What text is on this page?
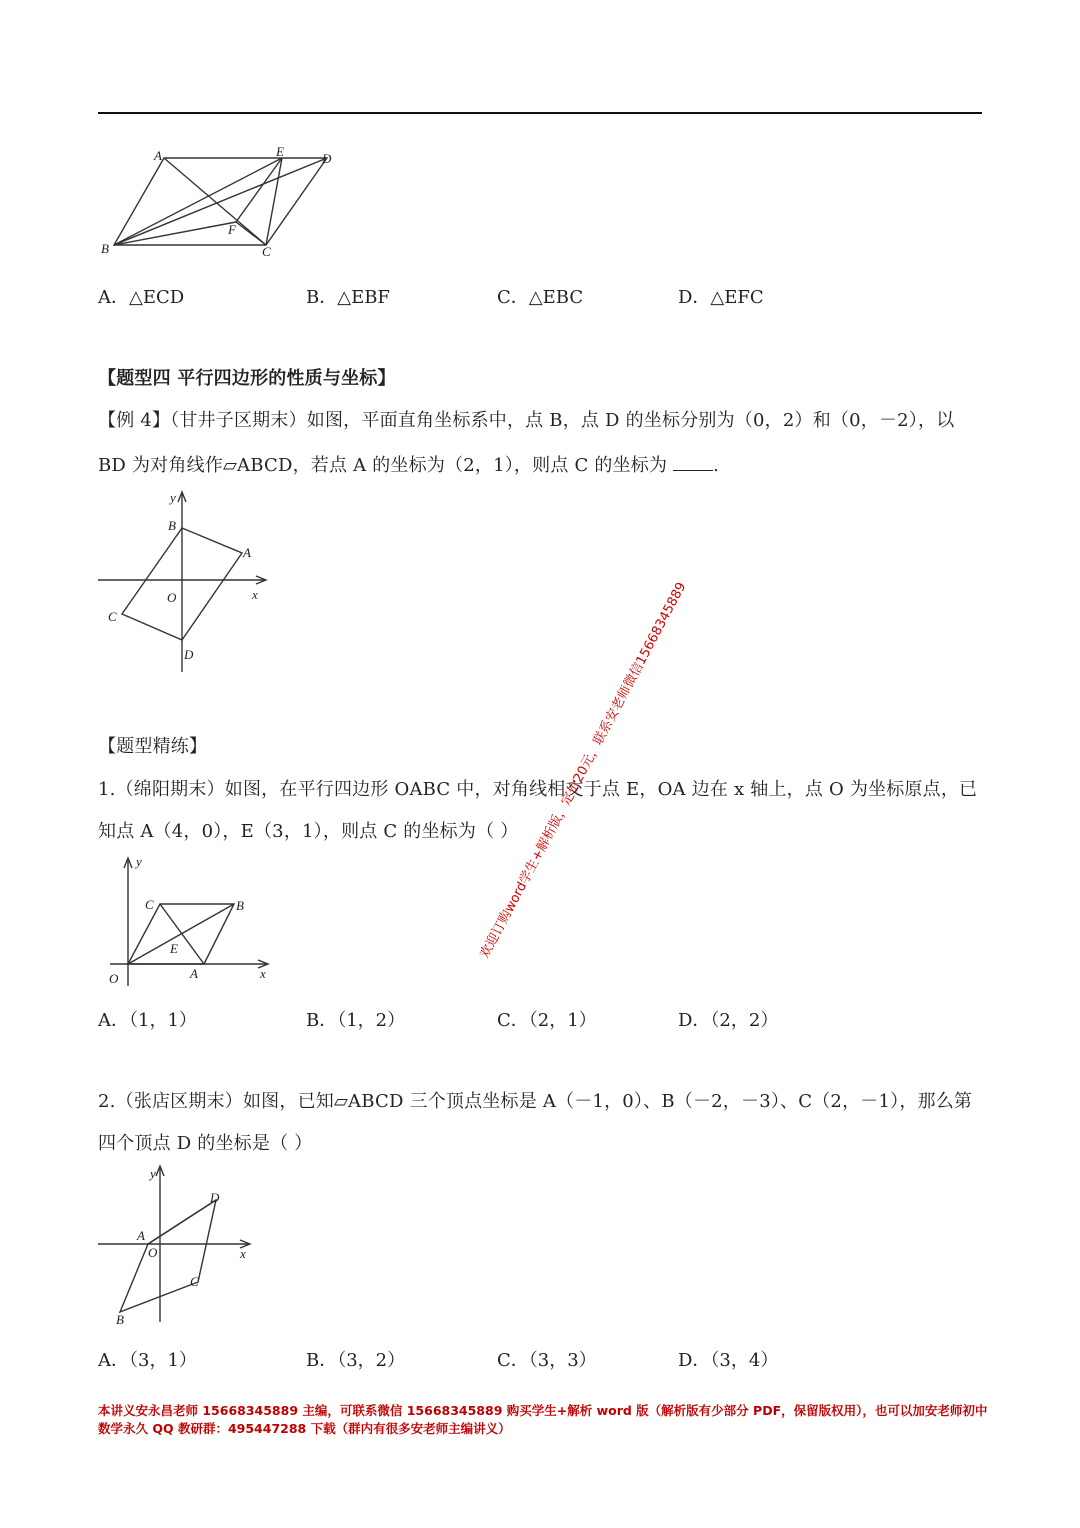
A	E	D
B
F
C
A．△ECD	B．△EBF	C．△EBC	D．△EFC
【题型四 平行四边形的性质与坐标】
【例 4】（甘井子区期末）如图，平面直角坐标系中，点 B，点 D 的坐标分别为（0，2）和（0，－2），以
BD 为对角线作▱ABCD，若点 A 的坐标为（2，1），则点 C 的坐标为	.
y
B
A
O	x
C
D
【题型精练】
1.（绵阳期末）如图，在平行四边形 OABC 中，对角线相交于点 E，OA 边在 x 轴上，点 O 为坐标原点，已
知点 A（4，0），E（3，1），则点 C 的坐标为（ ）
y
C	B
E
O	A	x
A．（1，1）	B．（1，2）	C．（2，1）	D．（2，2）
2.（张店区期末）如图，已知▱ABCD 三个顶点坐标是 A（－1，0）、B（－2，－3）、C（2，－1），那么第
四个顶点 D 的坐标是（ ）
y
D
A
O	x
C
B
A．（3，1）	B．（3，2）	C．（3，3）	D．（3，4）
欢迎订购word学生+解析版，定价20元，联系安老师微信15668345889
本讲义安永昌老师 15668345889 主编，可联系微信 15668345889 购买学生+解析 word 版（解析版有少部分 PDF，保留版权用），也可以加安老师初中
数学永久 QQ 教研群：495447288 下载（群内有很多安老师主编讲义）
